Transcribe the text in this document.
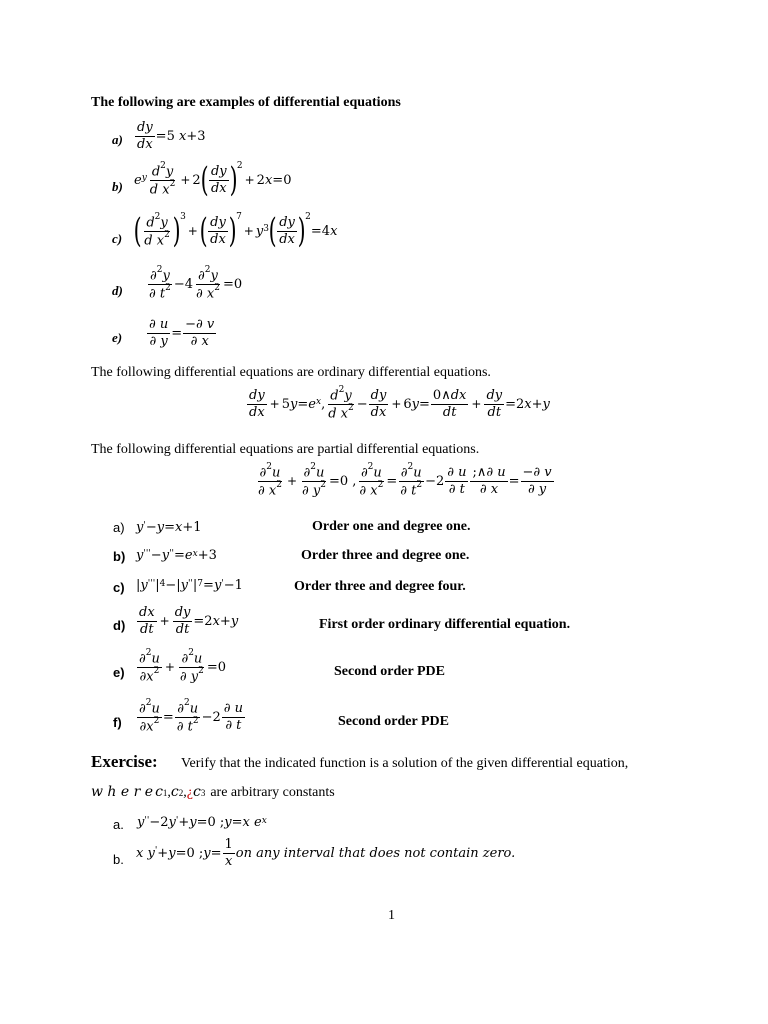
The following are examples of differential equations
$a) \frac{dy}{dx} =5$ x+3
b) e y $\frac{d^2y}{d x^2} + 2$ ( $\frac{dy}{dx}$ ) 2
+ 2 x =0
c) ( $\frac{d^2y}{d x^2}$ ) 3
+ ( $\frac{dy}{dx}$ ) 7
+ y 3 ( $\frac{dy}{dx}$ ) 2
=4 x
$d) \frac{\partial^2y}{\partial t^2} -4 \frac{\partial^2y}{\partial x^2} =0$
$e) \frac{\partial u}{\partial y} = \frac{-\partial v}{\partial x}$
The following differential equations are ordinary differential equations.
$\frac{dy}{dx} + 5$ y = e x , $\frac{d^2y}{d x^2} - \frac{dy}{dx} + 6$ $y = \frac{0\wedge dx}{dt} + \frac{dy}{dt} =2$ x + y
The following differential equations are partial differential equations.
$\frac{\partial^2u}{\partial x^2} + \frac{\partial^2u}{\partial y^2} =0$ , $\frac{\partial^2u}{\partial x^2} = \frac{\partial^2u}{\partial t^2} -2 \frac{\partial u}{\partial t} \frac{;\wedge\partial u}{\partial x} = \frac{-\partial v}{\partial y}$
a) y ' − y = x +1	Order one and degree one.
b) y ''' − y '' = e x +3	Order three and degree one.
c) | y ''' | 4 −| y '' | 7 = y ' −1	Order three and degree four.
$d) \frac{dx}{dt} + \frac{dy}{dt} =2$ x + y	First order ordinary differential equation.
$e) \frac{\partial^2u}{\partial x^2} + \frac{\partial^2u}{\partial y^2} =0$	Second order PDE
$f) \frac{\partial^2u}{\partial x^2} = \frac{\partial^2u}{\partial t^2} -2 \frac{\partial u}{\partial t}$	Second order PDE
Exercise: Verify that the indicated function is a solution of the given differential equation,
w h e r e c 1 , c 2 , ¿ c 3 are arbitrary constants
a. y '' −2 y ' + y =0 ; y = x e x
b. x y ' + y =0 ; $y = \frac{1}{x}$ on any interval that does not contain zero.
1
